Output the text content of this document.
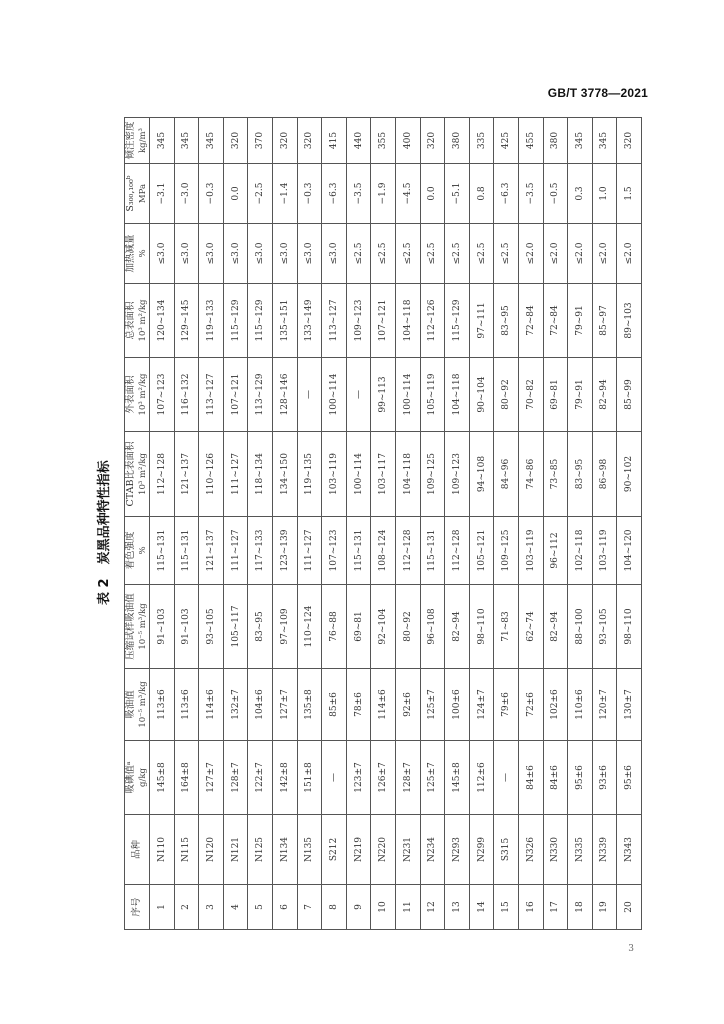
GB/T 3778—2021
表 2炭黑品种特性指标
序号	品种	吸碘值ᵃ g/kg	吸油值 10⁻⁵ m³/kg	压缩试样吸油值 10⁻⁵ m³/kg	着色强度 %	CTAB比表面积 10³ m²/kg	外表面积 10³ m²/kg	总表面积 10³ m²/kg	加热减量 %	S₃₀₀,₁₀₀ᵇ MPa	倾注密度 kg/m³

1	N110	145±8	113±6	91~103	115~131	112~128	107~123	120~134	≤3.0	−3.1	345
2	N115	164±8	113±6	91~103	115~131	121~137	116~132	129~145	≤3.0	−3.0	345
3	N120	127±7	114±6	93~105	121~137	110~126	113~127	119~133	≤3.0	−0.3	345
4	N121	128±7	132±7	105~117	111~127	111~127	107~121	115~129	≤3.0	0.0	320
5	N125	122±7	104±6	83~95	117~133	118~134	113~129	115~129	≤3.0	−2.5	370
6	N134	142±8	127±7	97~109	123~139	134~150	128~146	135~151	≤3.0	−1.4	320
7	N135	151±8	135±8	110~124	111~127	119~135	—	133~149	≤3.0	−0.3	320
8	S212	—	85±6	76~88	107~123	103~119	100~114	113~127	≤3.0	−6.3	415
9	N219	123±7	78±6	69~81	115~131	100~114	—	109~123	≤2.5	−3.5	440
10	N220	126±7	114±6	92~104	108~124	103~117	99~113	107~121	≤2.5	−1.9	355
11	N231	128±7	92±6	80~92	112~128	104~118	100~114	104~118	≤2.5	−4.5	400
12	N234	125±7	125±7	96~108	115~131	109~125	105~119	112~126	≤2.5	0.0	320
13	N293	145±8	100±6	82~94	112~128	109~123	104~118	115~129	≤2.5	−5.1	380
14	N299	112±6	124±7	98~110	105~121	94~108	90~104	97~111	≤2.5	0.8	335
15	S315	—	79±6	71~83	109~125	84~96	80~92	83~95	≤2.5	−6.3	425
16	N326	84±6	72±6	62~74	103~119	74~86	70~82	72~84	≤2.0	−3.5	455
17	N330	84±6	102±6	82~94	96~112	73~85	69~81	72~84	≤2.0	−0.5	380
18	N335	95±6	110±6	88~100	102~118	83~95	79~91	79~91	≤2.0	0.3	345
19	N339	93±6	120±7	93~105	103~119	86~98	82~94	85~97	≤2.0	1.0	345
20	N343	95±6	130±7	98~110	104~120	90~102	85~99	89~103	≤2.0	1.5	320
3
